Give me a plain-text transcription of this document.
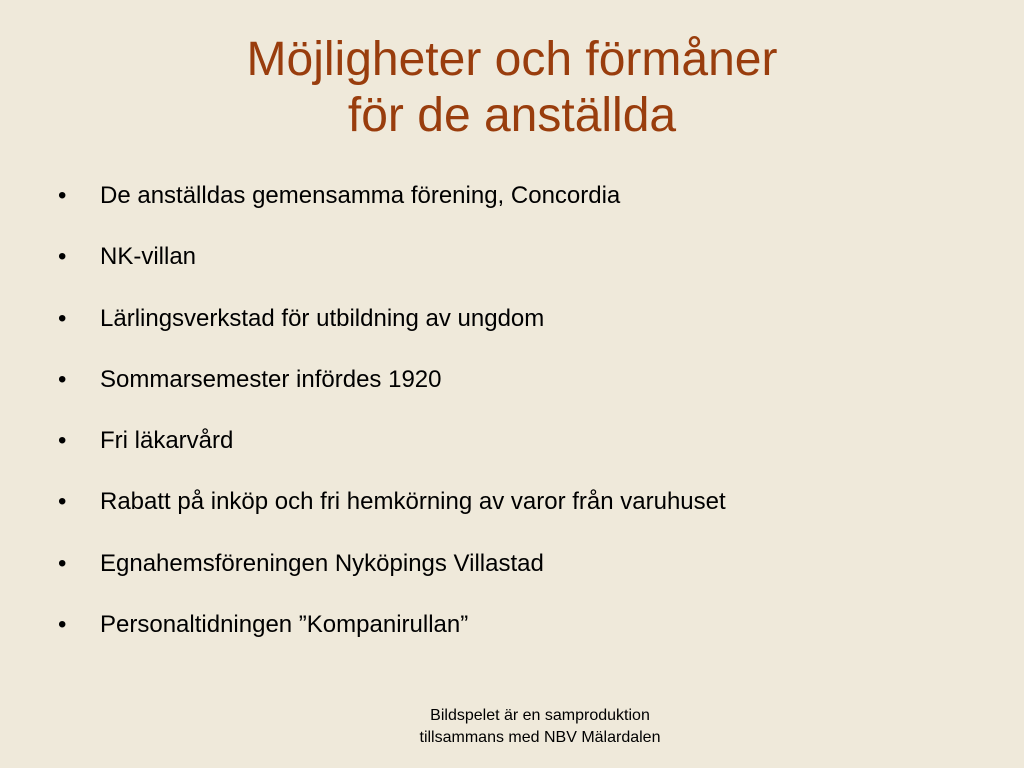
Möjligheter och förmåner
för de anställda
•	De anställdas gemensamma förening, Concordia
•	NK-villan
•	Lärlingsverkstad för utbildning av ungdom
•	Sommarsemester infördes 1920
•	Fri läkarvård
•	Rabatt på inköp och fri hemkörning av varor från varuhuset
•	Egnahemsföreningen Nyköpings Villastad
•	Personaltidningen ”Kompanirullan”
Bildspelet är en samproduktion
tillsammans med NBV Mälardalen
